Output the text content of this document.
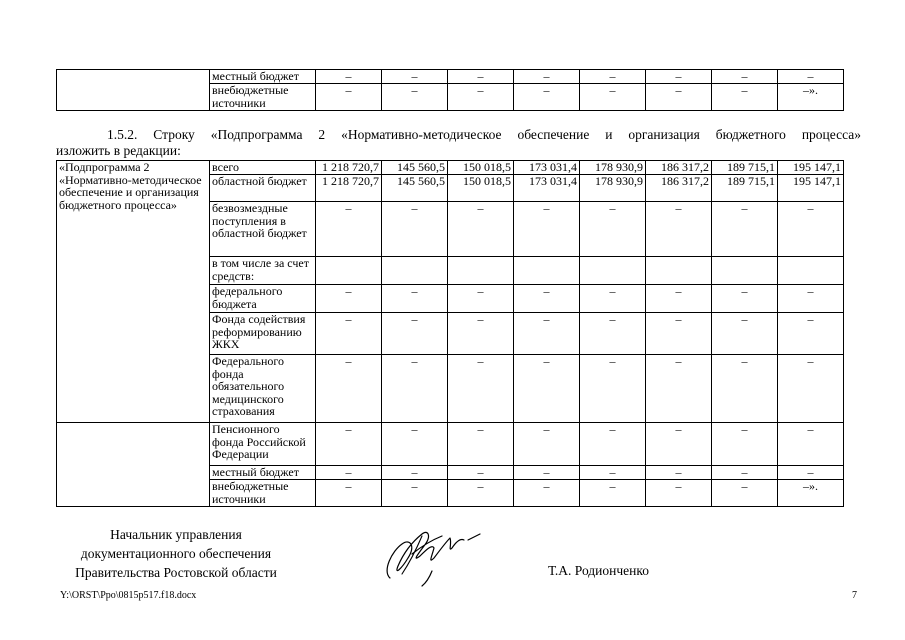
	местный бюджет	–	–	–	–	–	–	–	–
	внебюджетные источники	–	–	–	–	–	–	–	–».
1.5.2. Строку «Подпрограмма 2 «Нормативно-методическое обеспечение и организация бюджетного процесса»
изложить в редакции:
«Подпрограмма 2 «Нормативно-методическое обеспечение и организация бюджетного процесса»	всего	1 218 720,7	145 560,5	150 018,5	173 031,4	178 930,9	186 317,2	189 715,1	195 147,1
	областной бюджет	1 218 720,7	145 560,5	150 018,5	173 031,4	178 930,9	186 317,2	189 715,1	195 147,1
	безвозмездные поступления в областной бюджет	–	–	–	–	–	–	–	–
	в том числе за счет средств:								
	федерального бюджета	–	–	–	–	–	–	–	–
	Фонда содействия реформированию ЖКХ	–	–	–	–	–	–	–	–
	Федерального фонда обязательного медицинского страхования	–	–	–	–	–	–	–	–
	Пенсионного фонда Российской Федерации	–	–	–	–	–	–	–	–
	местный бюджет	–	–	–	–	–	–	–	–
	внебюджетные источники	–	–	–	–	–	–	–	–».
Начальник управления
документационного обеспечения
Правительства Ростовской области	Т.А. Родионченко
Y:\ORST\Ppo\0815p517.f18.docx	7
